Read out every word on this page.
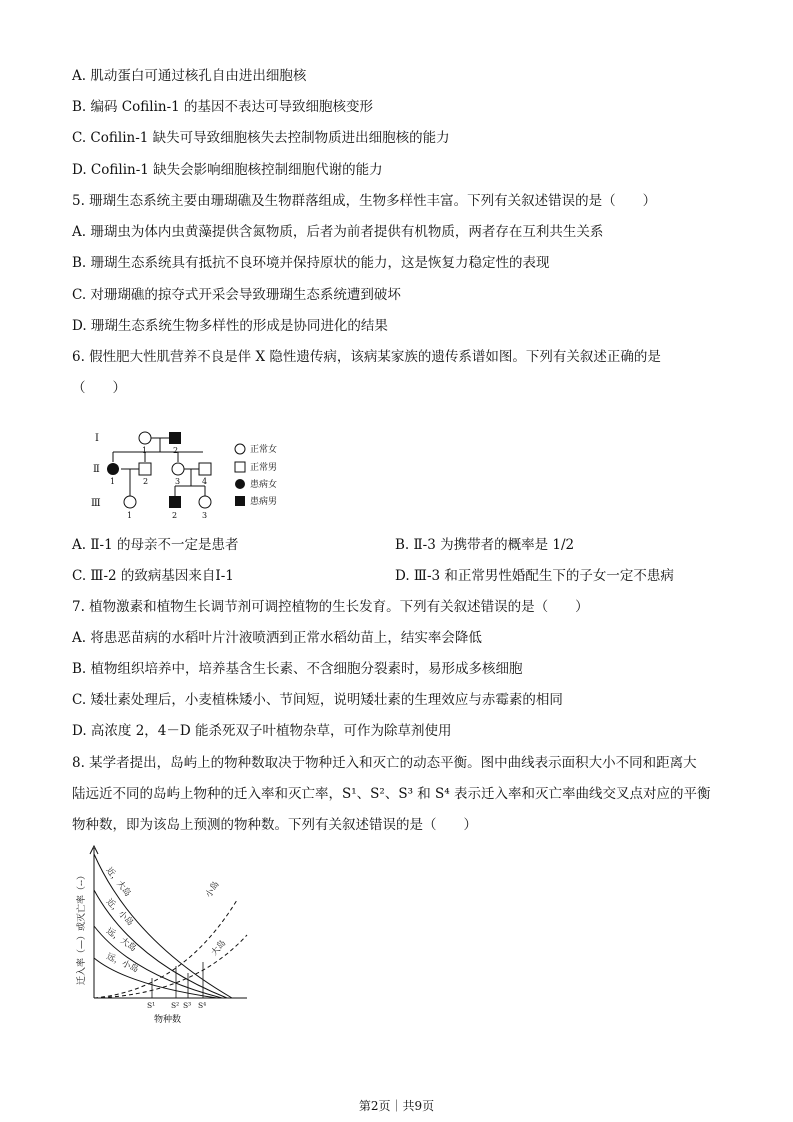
A. 肌动蛋白可通过核孔自由进出细胞核
B. 编码 Cofilin-1 的基因不表达可导致细胞核变形
C. Cofilin-1 缺失可导致细胞核失去控制物质进出细胞核的能力
D. Cofilin-1 缺失会影响细胞核控制细胞代谢的能力
5. 珊瑚生态系统主要由珊瑚礁及生物群落组成，生物多样性丰富。下列有关叙述错误的是（　　）
A. 珊瑚虫为体内虫黄藻提供含氮物质，后者为前者提供有机物质，两者存在互利共生关系
B. 珊瑚生态系统具有抵抗不良环境并保持原状的能力，这是恢复力稳定性的表现
C. 对珊瑚礁的掠夺式开采会导致珊瑚生态系统遭到破坏
D. 珊瑚生态系统生物多样性的形成是协同进化的结果
6. 假性肥大性肌营养不良是伴 X 隐性遗传病，该病某家族的遗传系谱如图。下列有关叙述正确的是
（　　）
Ⅰ
Ⅱ
Ⅲ
1	2
1	2	3	4
1	2	3
正常女
正常男
患病女
患病男
A. Ⅱ-1 的母亲不一定是患者	B. Ⅱ-3 为携带者的概率是 1/2
C. Ⅲ-2 的致病基因来自Ⅰ-1	D. Ⅲ-3 和正常男性婚配生下的子女一定不患病
7. 植物激素和植物生长调节剂可调控植物的生长发育。下列有关叙述错误的是（　　）
A. 将患恶苗病的水稻叶片汁液喷洒到正常水稻幼苗上，结实率会降低
B. 植物组织培养中，培养基含生长素、不含细胞分裂素时，易形成多核细胞
C. 矮壮素处理后，小麦植株矮小、节间短，说明矮壮素的生理效应与赤霉素的相同
D. 高浓度 2，4－D 能杀死双子叶植物杂草，可作为除草剂使用
8. 某学者提出，岛屿上的物种数取决于物种迁入和灭亡的动态平衡。图中曲线表示面积大小不同和距离大
陆远近不同的岛屿上物种的迁入率和灭亡率，S¹、S²、S³ 和 S⁴ 表示迁入率和灭亡率曲线交叉点对应的平衡
物种数，即为该岛上预测的物种数。下列有关叙述错误的是（　　）
近，大岛
近，小岛
远，大岛
远，小岛
小岛
大岛
S¹ S² S³ S⁴
物种数
迁入率（—）或灭亡率（--）
第2页｜共9页
